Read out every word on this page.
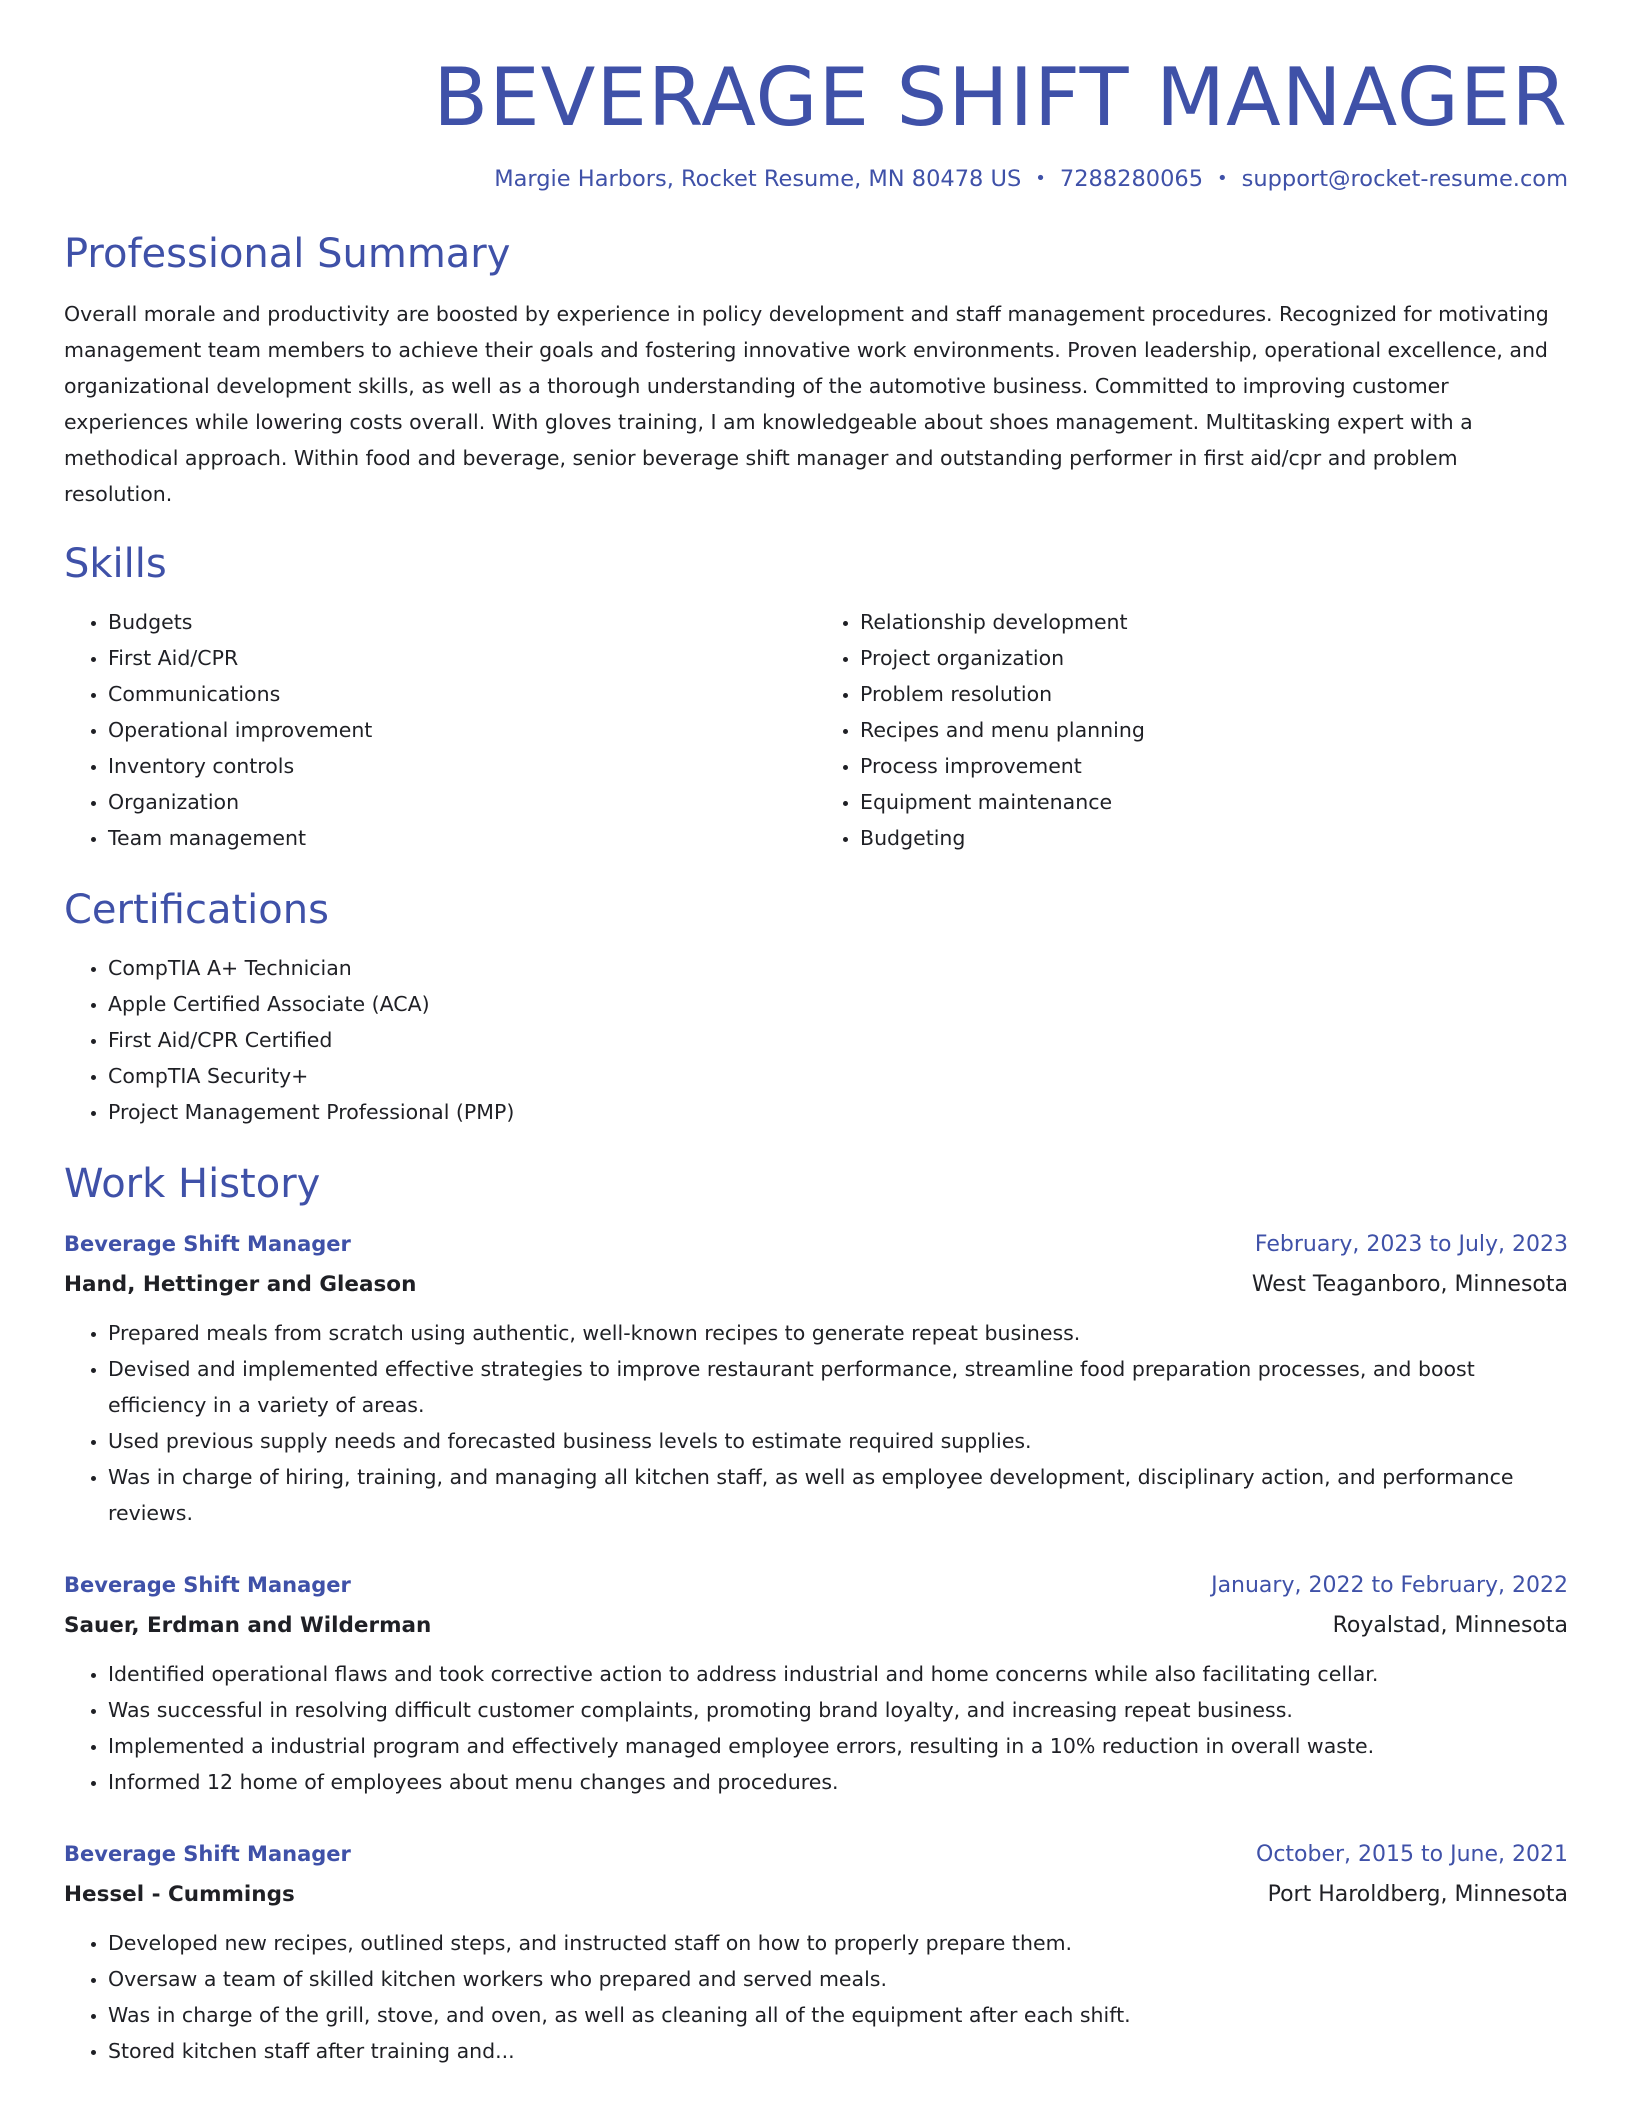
BEVERAGE SHIFT MANAGER
Margie Harbors, Rocket Resume, MN 80478 US • 7288280065 • support@rocket-resume.com
Professional Summary
Overall morale and productivity are boosted by experience in policy development and staff management procedures. Recognized for motivating management team members to achieve their goals and fostering innovative work environments. Proven leadership, operational excellence, and organizational development skills, as well as a thorough understanding of the automotive business. Committed to improving customer experiences while lowering costs overall. With gloves training, I am knowledgeable about shoes management. Multitasking expert with a methodical approach. Within food and beverage, senior beverage shift manager and outstanding performer in first aid/cpr and problem resolution.
Skills
• Budgets
• First Aid/CPR
• Communications
• Operational improvement
• Inventory controls
• Organization
• Team management
• Relationship development
• Project organization
• Problem resolution
• Recipes and menu planning
• Process improvement
• Equipment maintenance
• Budgeting
Certifications
• CompTIA A+ Technician
• Apple Certified Associate (ACA)
• First Aid/CPR Certified
• CompTIA Security+
• Project Management Professional (PMP)
Work History
Beverage Shift Manager	February, 2023 to July, 2023
Hand, Hettinger and Gleason	West Teaganboro, Minnesota
• Prepared meals from scratch using authentic, well-known recipes to generate repeat business.
• Devised and implemented effective strategies to improve restaurant performance, streamline food preparation processes, and boost efficiency in a variety of areas.
• Used previous supply needs and forecasted business levels to estimate required supplies.
• Was in charge of hiring, training, and managing all kitchen staff, as well as employee development, disciplinary action, and performance reviews.
Beverage Shift Manager	January, 2022 to February, 2022
Sauer, Erdman and Wilderman	Royalstad, Minnesota
• Identified operational flaws and took corrective action to address industrial and home concerns while also facilitating cellar.
• Was successful in resolving difficult customer complaints, promoting brand loyalty, and increasing repeat business.
• Implemented a industrial program and effectively managed employee errors, resulting in a 10% reduction in overall waste.
• Informed 12 home of employees about menu changes and procedures.
Beverage Shift Manager	October, 2015 to June, 2021
Hessel - Cummings	Port Haroldberg, Minnesota
• Developed new recipes, outlined steps, and instructed staff on how to properly prepare them.
• Oversaw a team of skilled kitchen workers who prepared and served meals.
• Was in charge of the grill, stove, and oven, as well as cleaning all of the equipment after each shift.
• Stored kitchen staff after training and...
